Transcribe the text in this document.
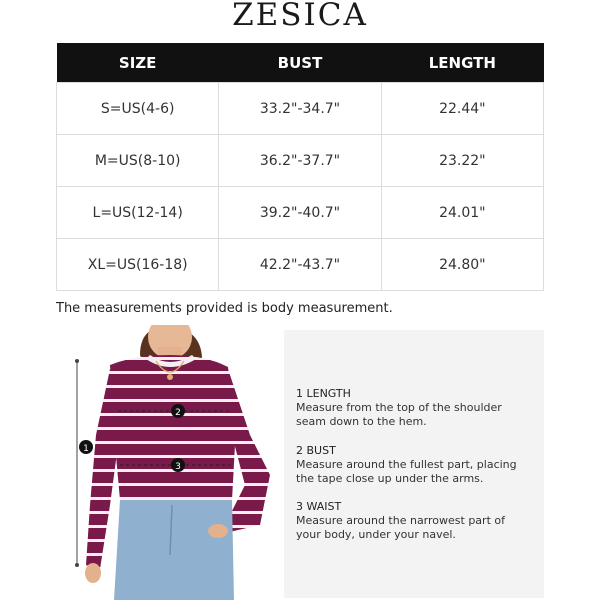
ZESICA
SIZE	BUST	LENGTH
S=US(4-6)	33.2"-34.7"	22.44"
M=US(8-10)	36.2"-37.7"	23.22"
L=US(12-14)	39.2"-40.7"	24.01"
XL=US(16-18)	42.2"-43.7"	24.80"
The measurements provided is body measurement.
1
2
3
1 LENGTH
Measure from the top of the shoulder
seam down to the hem.
2 BUST
Measure around the fullest part, placing
the tape close up under the arms.
3 WAIST
Measure around the narrowest part of
your body, under your navel.
